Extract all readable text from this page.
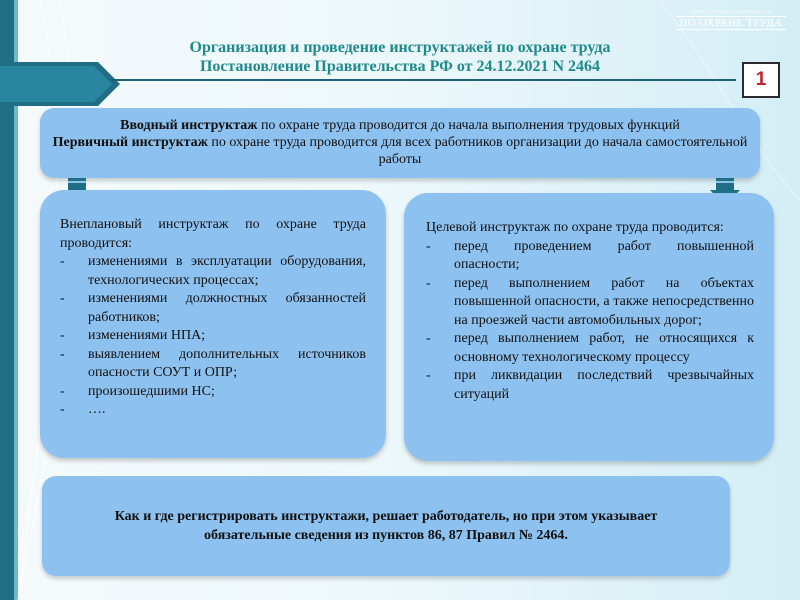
СПРАВОЧНИК СПЕЦИАЛИСТА
ПО ОХРАНЕ ТРУДА
Организация и проведение инструктажей по охране труда
Постановление Правительства РФ от 24.12.2021 N 2464
1

Вводный инструктаж по охране труда проводится до начала выполнения трудовых функций

Первичный инструктаж по охране труда проводится для всех работников организации до начала самостоятельной работы

Внеплановый инструктаж по охране труда проводится:

- изменениями в эксплуатации оборудования, технологических процессах;
- изменениями должностных обязанностей работников;
- изменениями НПА;
- выявлением дополнительных источников опасности СОУТ и ОПР;
- произошедшими НС;
- ….

Целевой инструктаж по охране труда проводится:

- перед проведением работ повышенной опасности;
- перед выполнением работ на объектах повышенной опасности, а также непосредственно на проезжей части автомобильных дорог;
- перед выполнением работ, не относящихся к основному технологическому процессу
- при ликвидации последствий чрезвычайных ситуаций
Как и где регистрировать инструктажи, решает работодатель, но при этом указывает обязательные сведения из пунктов 86, 87 Правил № 2464.
